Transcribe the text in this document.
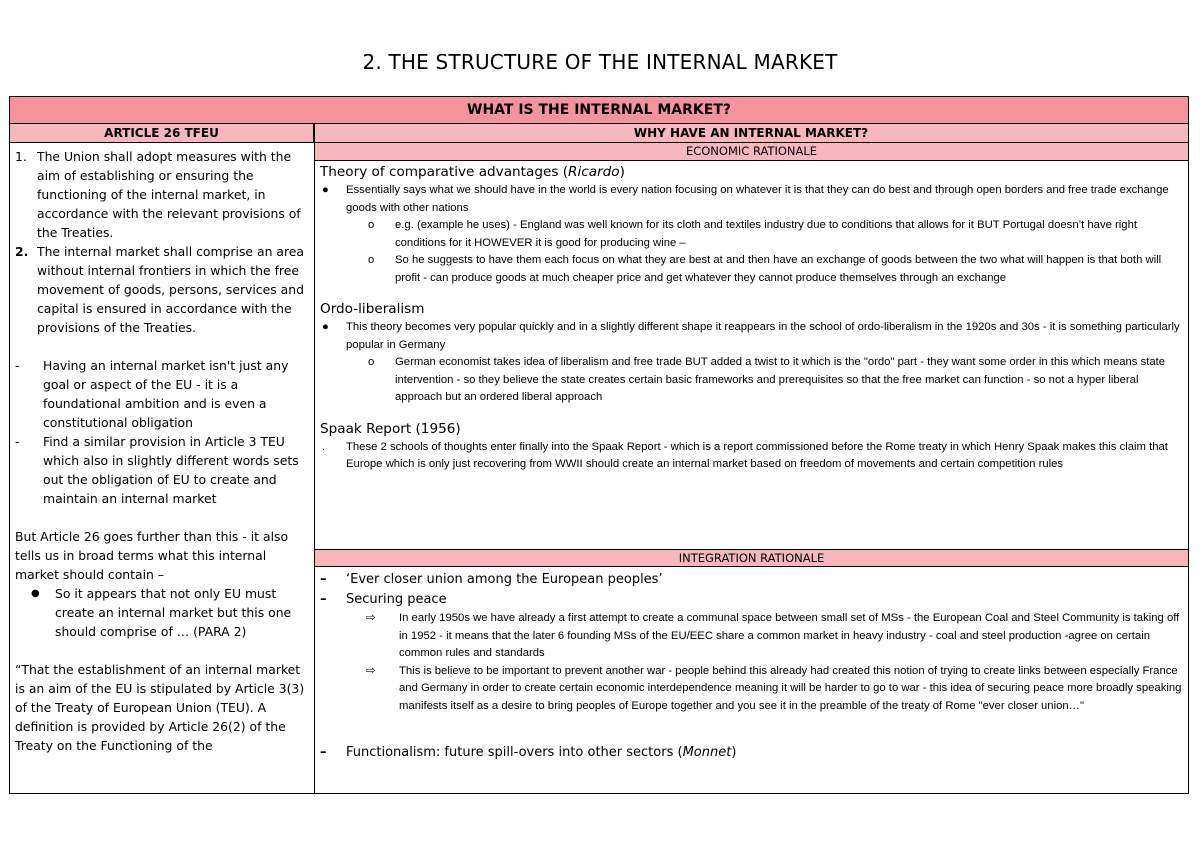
2. THE STRUCTURE OF THE INTERNAL MARKET
WHAT IS THE INTERNAL MARKET?
ARTICLE 26 TFEU	WHY HAVE AN INTERNAL MARKET?
1. The Union shall adopt measures with the aim of establishing or ensuring the functioning of the internal market, in accordance with the relevant provisions of the Treaties.
2. The internal market shall comprise an area without internal frontiers in which the free movement of goods, persons, services and capital is ensured in accordance with the provisions of the Treaties.
-	Having an internal market isn't just any goal or aspect of the EU - it is a foundational ambition and is even a constitutional obligation
-	Find a similar provision in Article 3 TEU which also in slightly different words sets out the obligation of EU to create and maintain an internal market
But Article 26 goes further than this - it also tells us in broad terms what this internal market should contain –
●	So it appears that not only EU must create an internal market but this one should comprise of … (PARA 2)
“That the establishment of an internal market is an aim of the EU is stipulated by Article 3(3) of the Treaty of European Union (TEU). A definition is provided by Article 26(2) of the Treaty on the Functioning of the
ECONOMIC RATIONALE
Theory of comparative advantages (Ricardo)
●	Essentially says what we should have in the world is every nation focusing on whatever it is that they can do best and through open borders and free trade exchange goods with other nations
o	e.g. (example he uses) - England was well known for its cloth and textiles industry due to conditions that allows for it BUT Portugal doesn’t have right conditions for it HOWEVER it is good for producing wine –
o	So he suggests to have them each focus on what they are best at and then have an exchange of goods between the two what will happen is that both will profit - can produce goods at much cheaper price and get whatever they cannot produce themselves through an exchange
Ordo-liberalism
●	This theory becomes very popular quickly and in a slightly different shape it reappears in the school of ordo-liberalism in the 1920s and 30s - it is something particularly popular in Germany
o	German economist takes idea of liberalism and free trade BUT added a twist to it which is the "ordo" part - they want some order in this which means state intervention - so they believe the state creates certain basic frameworks and prerequisites so that the free market can function - so not a hyper liberal approach but an ordered liberal approach
Spaak Report (1956)
.	These 2 schools of thoughts enter finally into the Spaak Report - which is a report commissioned before the Rome treaty in which Henry Spaak makes this claim that Europe which is only just recovering from WWII should create an internal market based on freedom of movements and certain competition rules
INTEGRATION RATIONALE
–	‘Ever closer union among the European peoples’
–	Securing peace
⇨	In early 1950s we have already a first attempt to create a communal space between small set of MSs - the European Coal and Steel Community is taking off in 1952 - it means that the later 6 founding MSs of the EU/EEC share a common market in heavy industry - coal and steel production -agree on certain common rules and standards
⇨	This is believe to be important to prevent another war - people behind this already had created this notion of trying to create links between especially France and Germany in order to create certain economic interdependence meaning it will be harder to go to war - this idea of securing peace more broadly speaking manifests itself as a desire to bring peoples of Europe together and you see it in the preamble of the treaty of Rome "ever closer union…"
–	Functionalism: future spill-overs into other sectors (Monnet)
